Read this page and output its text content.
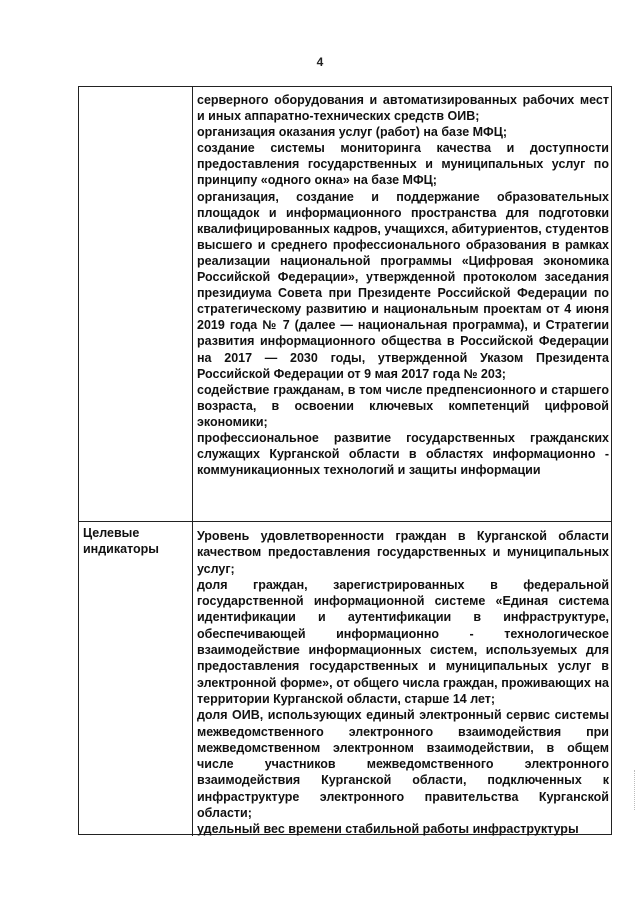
4
серверного оборудования и автоматизированных рабочих мест и иных аппаратно-технических средств ОИВ;
организация оказания услуг (работ) на базе МФЦ;
создание системы мониторинга качества и доступности предоставления государственных и муниципальных услуг по принципу «одного окна» на базе МФЦ;
организация, создание и поддержание образовательных площадок и информационного пространства для подготовки квалифицированных кадров, учащихся, абитуриентов, студентов высшего и среднего профессионального образования в рамках реализации национальной программы «Цифровая экономика Российской Федерации», утвержденной протоколом заседания президиума Совета при Президенте Российской Федерации по стратегическому развитию и национальным проектам от 4 июня 2019 года № 7 (далее — национальная программа), и Стратегии развития информационного общества в Российской Федерации на 2017 — 2030 годы, утвержденной Указом Президента Российской Федерации от 9 мая 2017 года № 203;
содействие гражданам, в том числе предпенсионного и старшего возраста, в освоении ключевых компетенций цифровой экономики;
профессиональное развитие государственных гражданских служащих Курганской области в областях информационно - коммуникационных технологий и защиты информации
Целевые индикаторы
Уровень удовлетворенности граждан в Курганской области качеством предоставления государственных и муниципальных услуг;
доля граждан, зарегистрированных в федеральной государственной информационной системе «Единая система идентификации и аутентификации в инфраструктуре, обеспечивающей информационно - технологическое взаимодействие информационных систем, используемых для предоставления государственных и муниципальных услуг в электронной форме», от общего числа граждан, проживающих на территории Курганской области, старше 14 лет;
доля ОИВ, использующих единый электронный сервис системы межведомственного электронного взаимодействия при межведомственном электронном взаимодействии, в общем числе участников межведомственного электронного взаимодействия Курганской области, подключенных к инфраструктуре электронного правительства Курганской области;
удельный вес времени стабильной работы инфраструктуры
